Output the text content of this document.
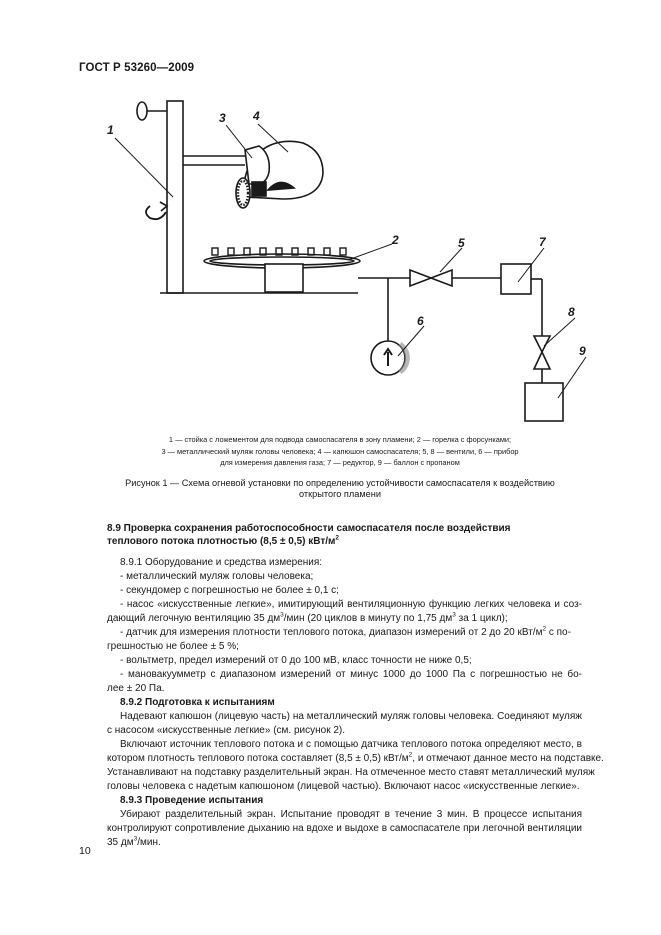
ГОСТ Р 53260—2009
1
2
3 4
5
6
7
8
9
1 — стойка с ложементом для подвода самоспасателя в зону пламени; 2 — горелка с форсунками;
3 — металлический муляж головы человека; 4 — капюшон самоспасателя; 5, 8 — вентили, 6 — прибор
для измерения давления газа; 7 — редуктор, 9 — баллон с пропаном
Рисунок 1 — Схема огневой установки по определению устойчивости самоспасателя к воздействию
открытого пламени
8.9 Проверка сохранения работоспособности самоспасателя после воздействия
теплового потока плотностью (8,5 ± 0,5) кВт/$м^2$
8.9.1 Оборудование и средства измерения:
- металлический муляж головы человека;
- секундомер с погрешностью не более ± 0,1 с;
- насос «искусственные легкие», имитирующий вентиляционную функцию легких человека и соз-
дающий легочную вентиляцию 35 $дм^3$/мин (20 циклов в минуту по 1,75 $дм^3$ за 1 цикл);
- датчик для измерения плотности теплового потока, диапазон измерений от 2 до 20 кВт/$м^2$ с по-
грешностью не более ± 5 %;
- вольтметр, предел измерений от 0 до 100 мВ, класс точности не ниже 0,5;
- мановакуумметр с диапазоном измерений от минус 1000 до 1000 Па с погрешностью не бо-
лее ± 20 Па.
8.9.2 Подготовка к испытаниям
Надевают капюшон (лицевую часть) на металлический муляж головы человека. Соединяют муляж
с насосом «искусственные легкие» (см. рисунок 2).
Включают источник теплового потока и с помощью датчика теплового потока определяют место, в
котором плотность теплового потока составляет (8,5 ± 0,5) кВт/$м^2$, и отмечают данное место на подставке.
Устанавливают на подставку разделительный экран. На отмеченное место ставят металлический муляж
головы человека с надетым капюшоном (лицевой частью). Включают насос «искусственные легкие».
8.9.3 Проведение испытания
Убирают разделительный экран. Испытание проводят в течение 3 мин. В процессе испытания
контролируют сопротивление дыханию на вдохе и выдохе в самоспасателе при легочной вентиляции
35 $дм^3$/мин.
10
